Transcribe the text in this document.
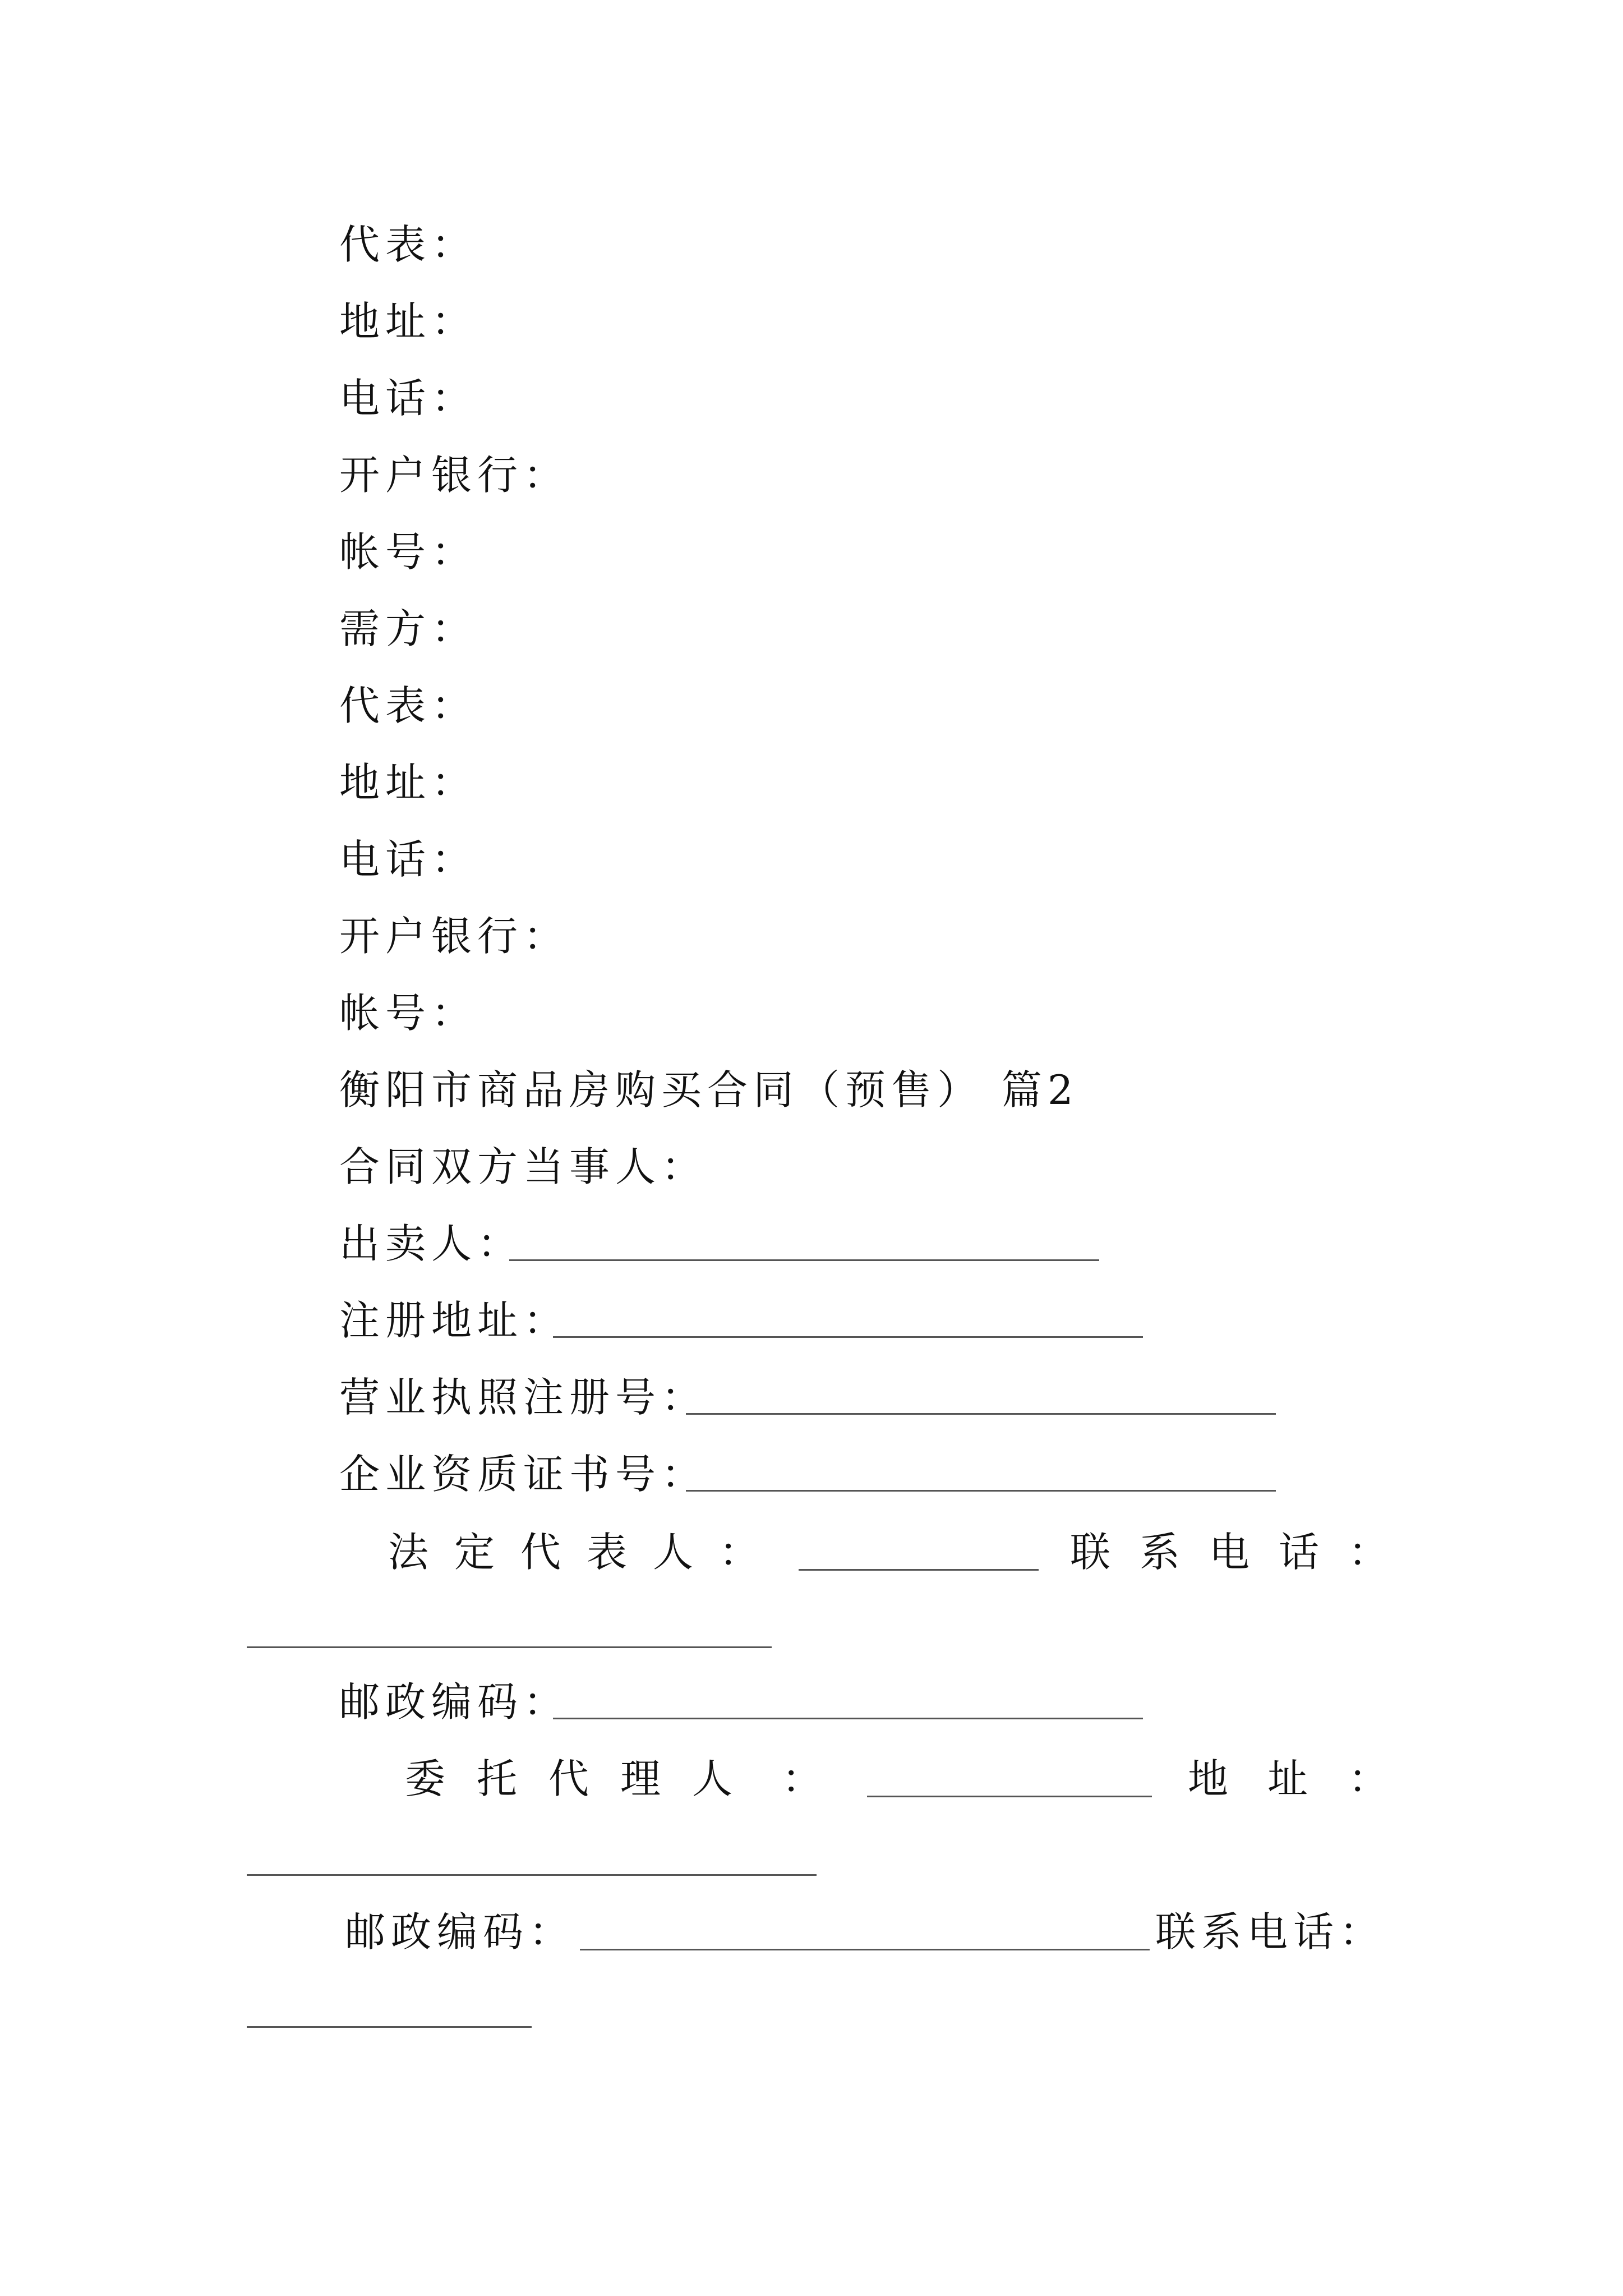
代表：
地址：
电话：
开户银行：
帐号：
需方：
代表：
地址：
电话：
开户银行：
帐号：
衡阳市商品房购买合同（预售） 篇2
合同双方当事人：
出卖人：
注册地址：
营业执照注册号：
企业资质证书号：
法 定 代 表 人 ：	联 系 电 话 ：
邮政编码：
委 托 代 理 人 ：	地 址 ：
邮政编码：	联系电话：
